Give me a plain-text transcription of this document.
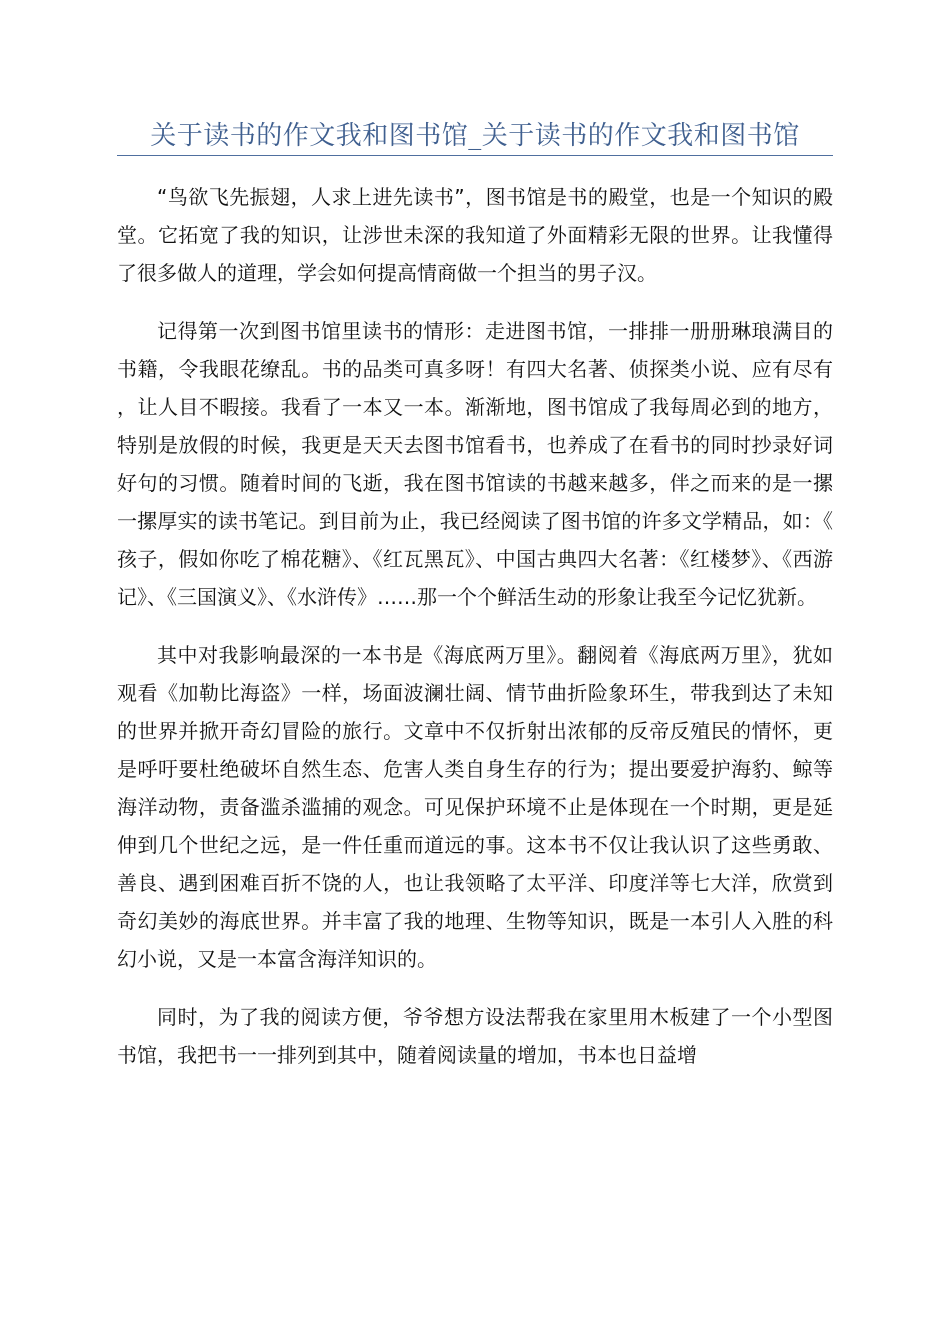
关于读书的作文我和图书馆_关于读书的作文我和图书馆

“鸟欲飞先振翅，人求上进先读书”，图书馆是书的殿堂，也是一个知识的殿堂。它拓宽了我的知识，让涉世未深的我知道了外面精彩无限的世界。让我懂得了很多做人的道理，学会如何提高情商做一个担当的男子汉。

记得第一次到图书馆里读书的情形：走进图书馆，一排排一册册琳琅满目的书籍，令我眼花缭乱。书的品类可真多呀！有四大名著、侦探类小说、应有尽有，让人目不暇接。我看了一本又一本。渐渐地，图书馆成了我每周必到的地方，特别是放假的时候，我更是天天去图书馆看书，也养成了在看书的同时抄录好词好句的习惯。随着时间的飞逝，我在图书馆读的书越来越多，伴之而来的是一摞一摞厚实的读书笔记。到目前为止，我已经阅读了图书馆的许多文学精品，如：《孩子，假如你吃了棉花糖》、《红瓦黑瓦》、中国古典四大名著：《红楼梦》、《西游记》、《三国演义》、《水浒传》……那一个个鲜活生动的形象让我至今记忆犹新。

其中对我影响最深的一本书是《海底两万里》。翻阅着《海底两万里》，犹如观看《加勒比海盗》一样，场面波澜壮阔、情节曲折险象环生，带我到达了未知的世界并掀开奇幻冒险的旅行。文章中不仅折射出浓郁的反帝反殖民的情怀，更是呼吁要杜绝破坏自然生态、危害人类自身生存的行为；提出要爱护海豹、鲸等海洋动物，责备滥杀滥捕的观念。可见保护环境不止是体现在一个时期，更是延伸到几个世纪之远，是一件任重而道远的事。这本书不仅让我认识了这些勇敢、善良、遇到困难百折不饶的人，也让我领略了太平洋、印度洋等七大洋，欣赏到奇幻美妙的海底世界。并丰富了我的地理、生物等知识，既是一本引人入胜的科幻小说，又是一本富含海洋知识的。

同时，为了我的阅读方便，爷爷想方设法帮我在家里用木板建了一个小型图书馆，我把书一一排列到其中，随着阅读量的增加，书本也日益增
